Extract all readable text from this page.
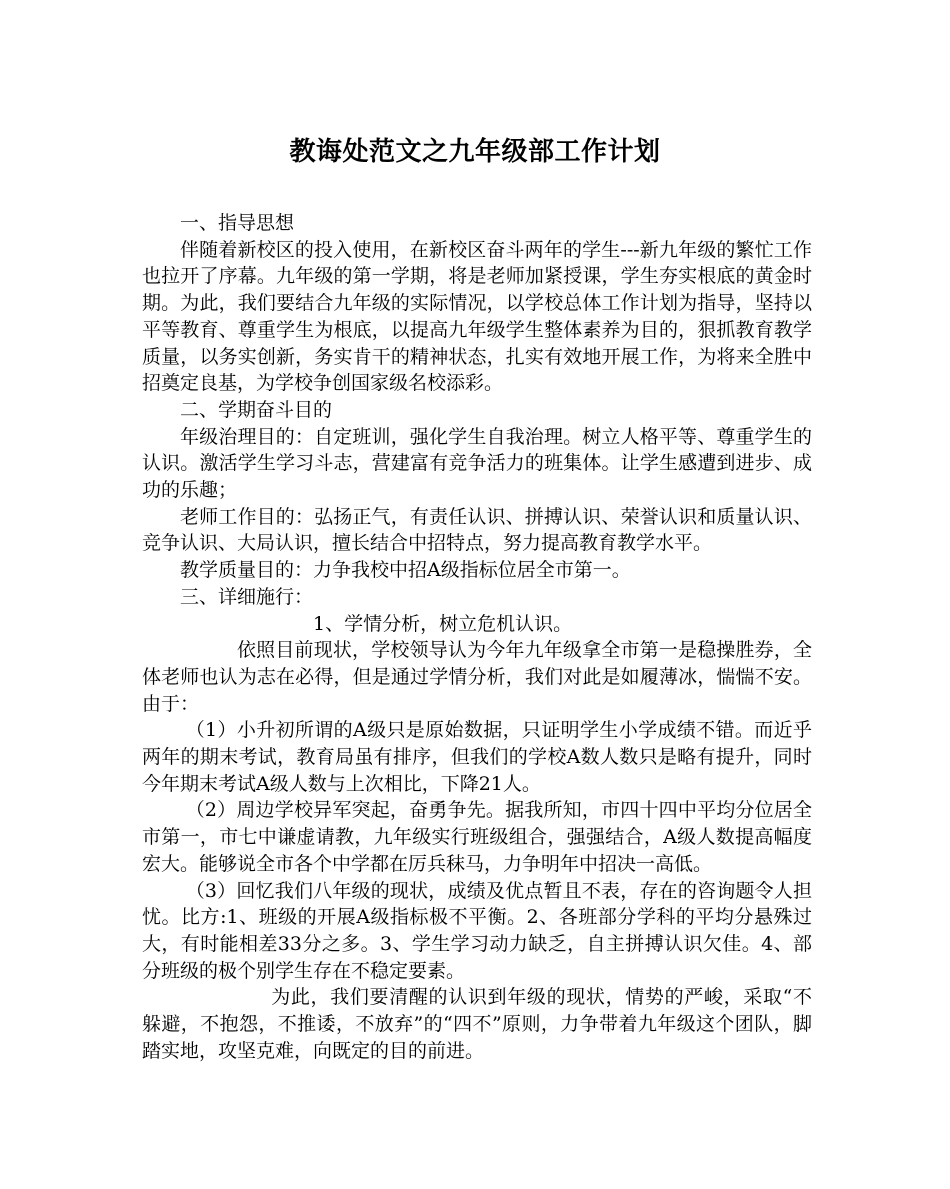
教诲处范文之九年级部工作计划

一、指导思想

伴随着新校区的投入使用，在新校区奋斗两年的学生---新九年级的繁忙工作也拉开了序幕。九年级的第一学期，将是老师加紧授课，学生夯实根底的黄金时期。为此，我们要结合九年级的实际情况，以学校总体工作计划为指导，坚持以平等教育、尊重学生为根底，以提高九年级学生整体素养为目的，狠抓教育教学质量，以务实创新，务实肯干的精神状态，扎实有效地开展工作，为将来全胜中招奠定良基，为学校争创国家级名校添彩。

二、学期奋斗目的

年级治理目的：自定班训，强化学生自我治理。树立人格平等、尊重学生的认识。激活学生学习斗志，营建富有竞争活力的班集体。让学生感遭到进步、成功的乐趣；

老师工作目的：弘扬正气，有责任认识、拼搏认识、荣誉认识和质量认识、竞争认识、大局认识，擅长结合中招特点，努力提高教育教学水平。

教学质量目的：力争我校中招A级指标位居全市第一。

三、详细施行：

1、学情分析，树立危机认识。

依照目前现状，学校领导认为今年九年级拿全市第一是稳操胜券，全体老师也认为志在必得，但是通过学情分析，我们对此是如履薄冰，惴惴不安。由于：

（1）小升初所谓的A级只是原始数据，只证明学生小学成绩不错。而近乎两年的期末考试，教育局虽有排序，但我们的学校A数人数只是略有提升，同时今年期末考试A级人数与上次相比，下降21人。

（2）周边学校异军突起，奋勇争先。据我所知，市四十四中平均分位居全市第一，市七中谦虚请教，九年级实行班级组合，强强结合，A级人数提高幅度宏大。能够说全市各个中学都在厉兵秣马，力争明年中招决一高低。

（3）回忆我们八年级的现状，成绩及优点暂且不表，存在的咨询题令人担忧。比方:1、班级的开展A级指标极不平衡。2、各班部分学科的平均分悬殊过大，有时能相差33分之多。3、学生学习动力缺乏，自主拼搏认识欠佳。4、部分班级的极个别学生存在不稳定要素。

为此，我们要清醒的认识到年级的现状，情势的严峻，采取“不躲避，不抱怨，不推诿，不放弃”的“四不”原则，力争带着九年级这个团队，脚踏实地，攻坚克难，向既定的目的前进。
